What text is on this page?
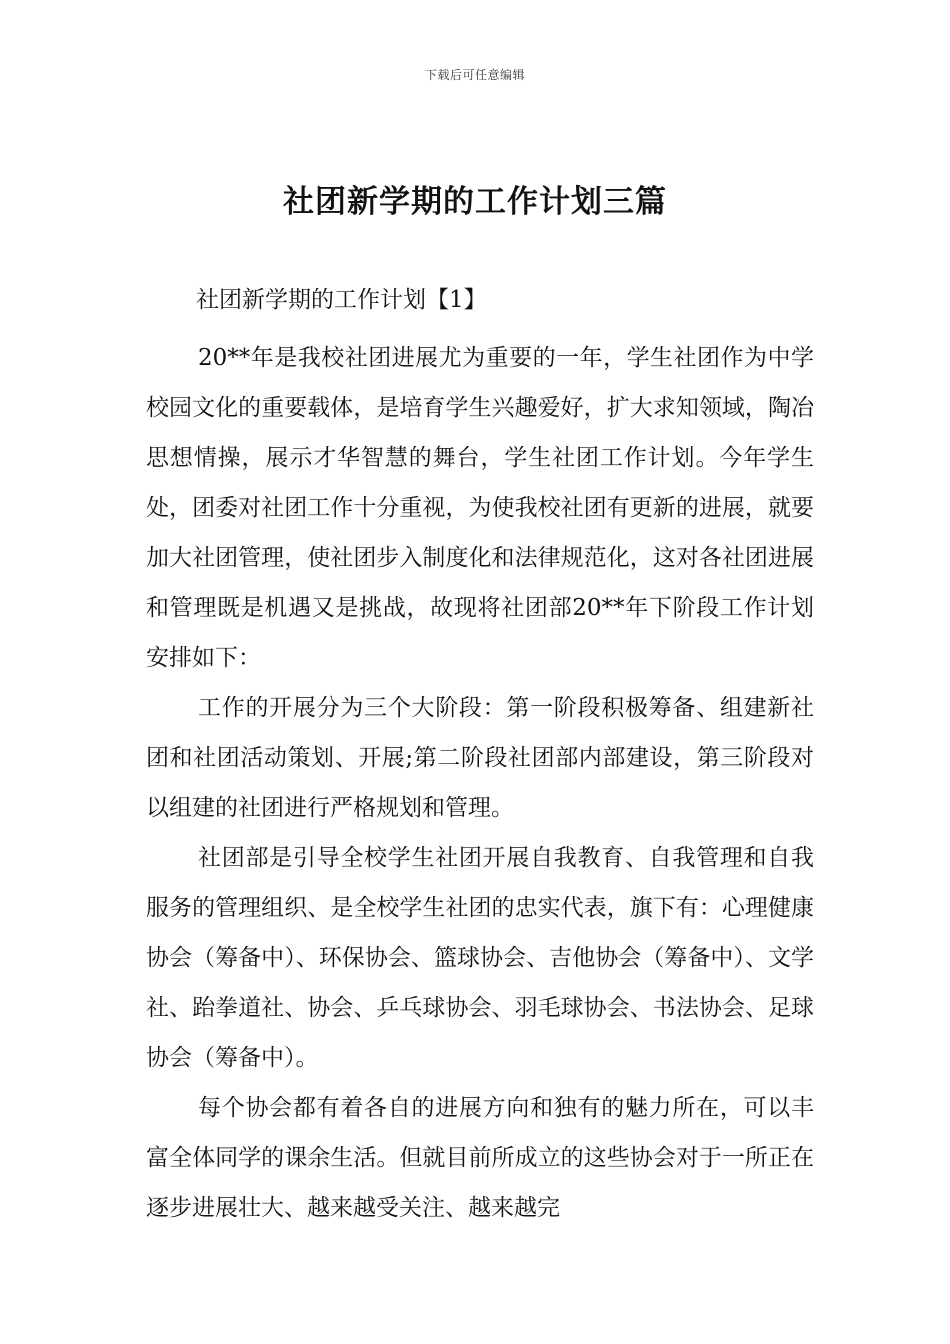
下载后可任意编辑
社团新学期的工作计划三篇

社团新学期的工作计划【1】

20**年是我校社团进展尤为重要的一年，学生社团作为中学校园文化的重要载体，是培育学生兴趣爱好，扩大求知领域，陶冶思想情操，展示才华智慧的舞台，学生社团工作计划。今年学生处，团委对社团工作十分重视，为使我校社团有更新的进展，就要加大社团管理，使社团步入制度化和法律规范化，这对各社团进展和管理既是机遇又是挑战，故现将社团部20**年下阶段工作计划安排如下：

工作的开展分为三个大阶段：第一阶段积极筹备、组建新社团和社团活动策划、开展;第二阶段社团部内部建设，第三阶段对以组建的社团进行严格规划和管理。

社团部是引导全校学生社团开展自我教育、自我管理和自我服务的管理组织、是全校学生社团的忠实代表，旗下有：心理健康协会（筹备中）、环保协会、篮球协会、吉他协会（筹备中）、文学社、跆拳道社、协会、乒乓球协会、羽毛球协会、书法协会、足球协会（筹备中）。

每个协会都有着各自的进展方向和独有的魅力所在，可以丰富全体同学的课余生活。但就目前所成立的这些协会对于一所正在逐步进展壮大、越来越受关注、越来越完
